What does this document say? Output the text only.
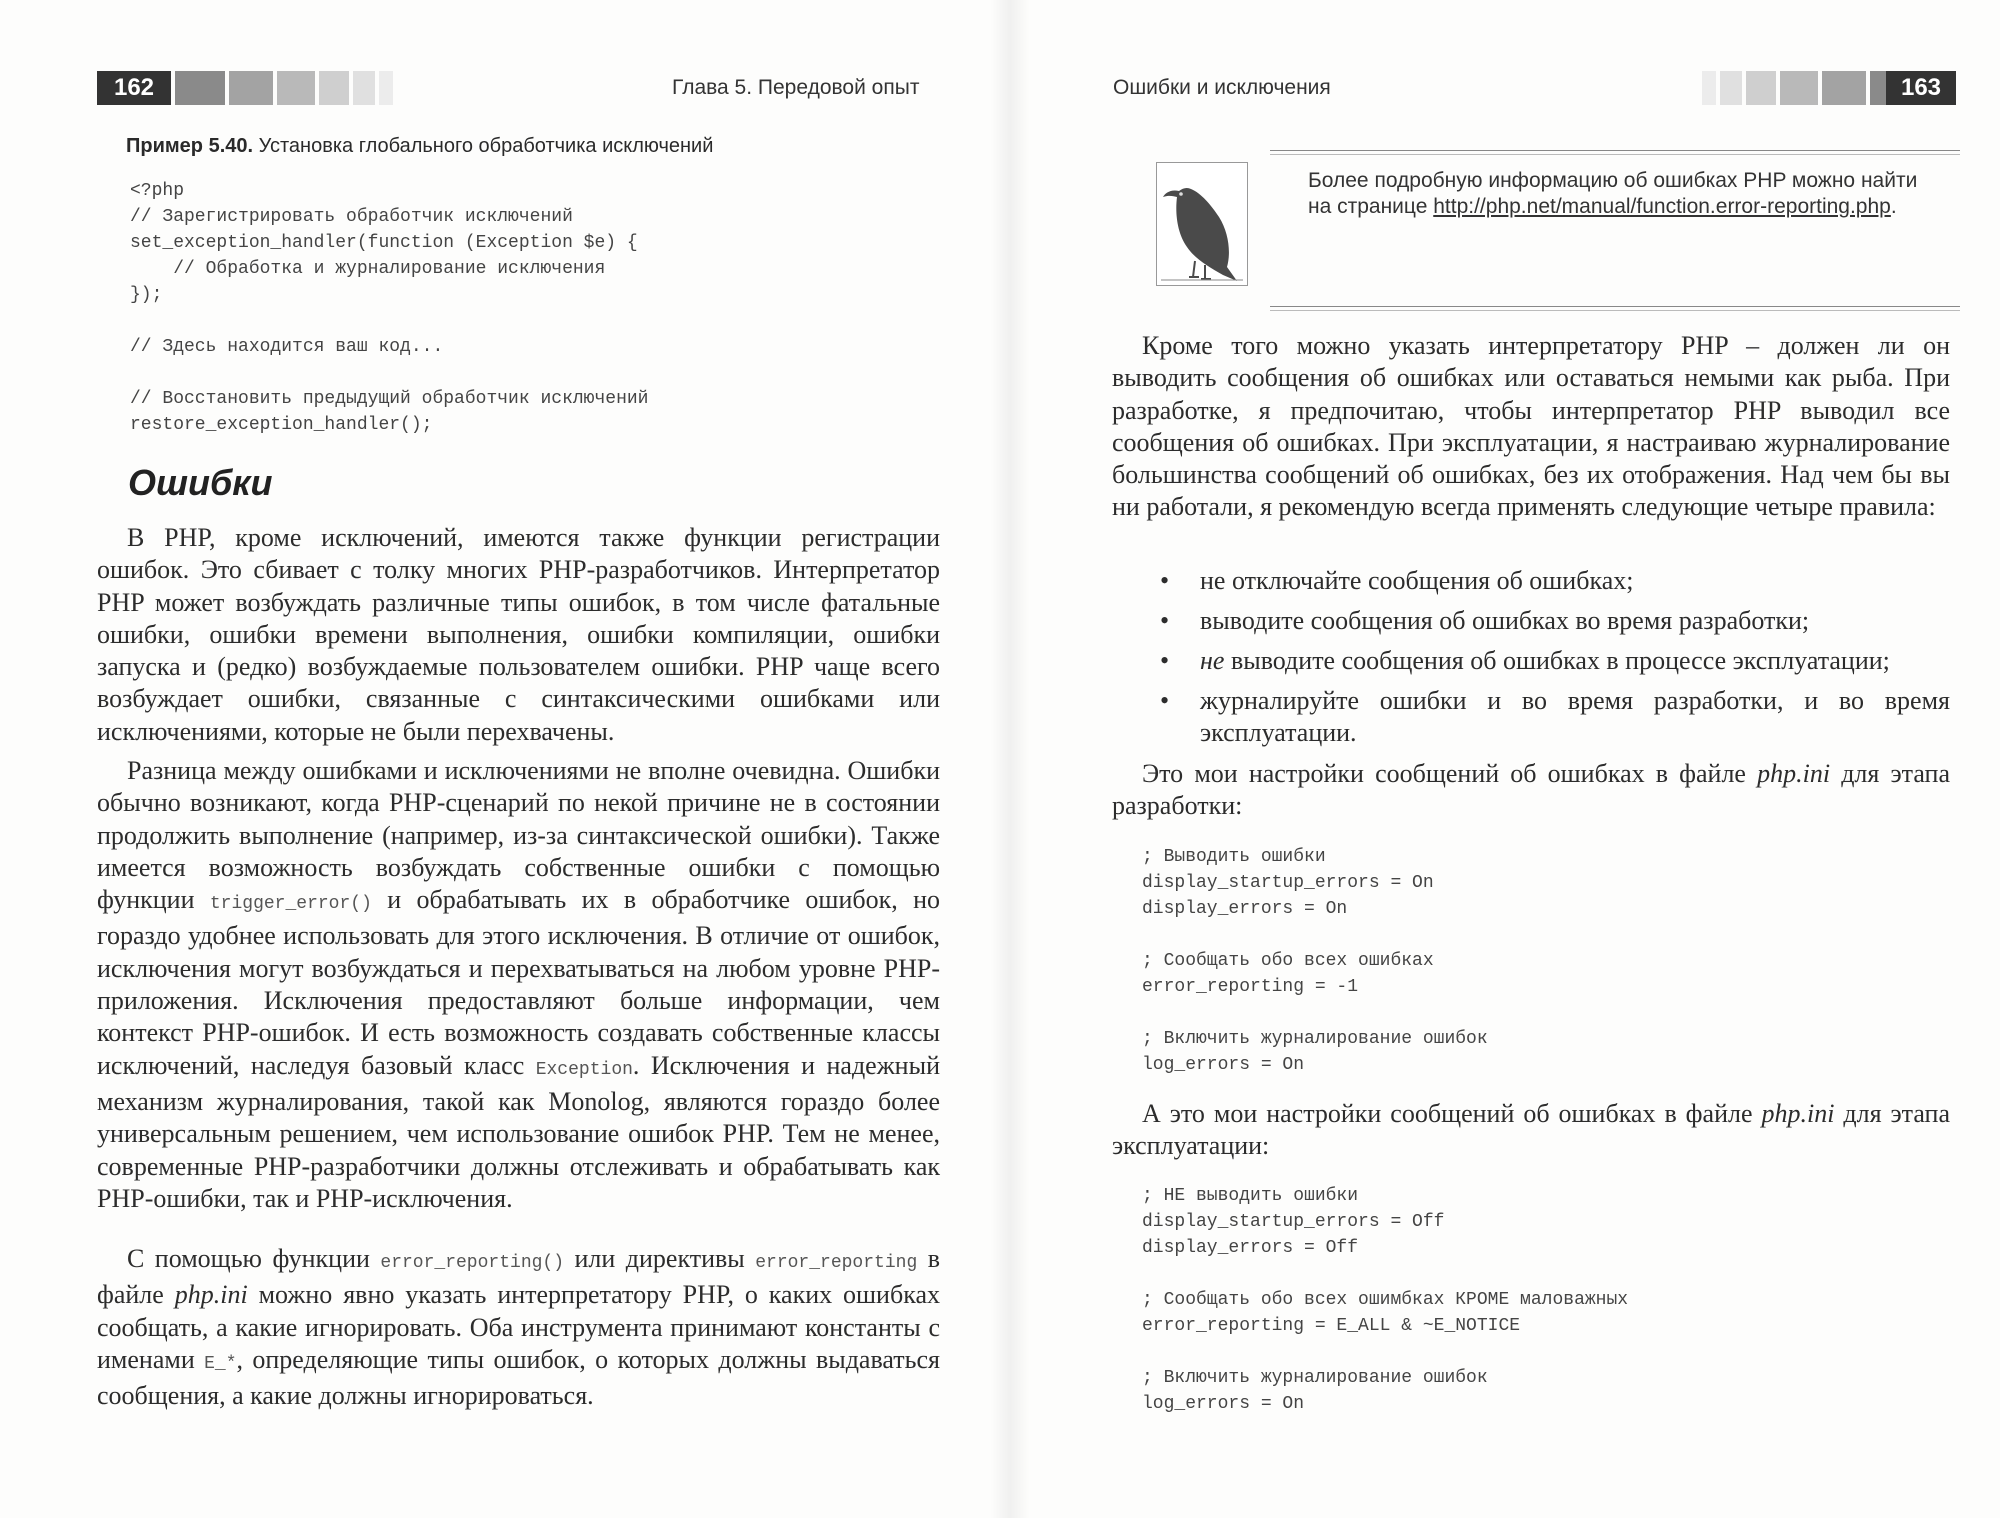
162	Глава 5. Передовой опыт
Пример 5.40. Установка глобального обработчика исключений
<?php
// Зарегистрировать обработчик исключений
set_exception_handler(function (Exception $e) {
// Обработка и журналирование исключения
});
// Здесь находится ваш код...
// Восстановить предыдущий обработчик исключений
restore_exception_handler();
Ошибки

В PHP, кроме исключений, имеются также функции регистрации ошибок. Это сбивает с толку многих PHP-разработчиков. Интерпретатор PHP может возбуждать различные типы ошибок, в том числе фатальные ошибки, ошибки времени выполнения, ошибки компиляции, ошибки запуска и (редко) возбуждаемые пользователем ошибки. PHP чаще всего возбуждает ошибки, связанные с синтаксическими ошибками или исключениями, которые не были перехвачены.

Разница между ошибками и исключениями не вполне очевидна. Ошибки обычно возникают, когда PHP-сценарий по некой причине не в состоянии продолжить выполнение (например, из-за синтаксической ошибки). Также имеется возможность возбуждать собственные ошибки с помощью функции trigger_error() и обрабатывать их в обработчике ошибок, но гораздо удобнее использовать для этого исключения. В отличие от ошибок, исключения могут возбуждаться и перехватываться на любом уровне PHP-приложения. Исключения предоставляют больше информации, чем контекст PHP-ошибок. И есть возможность создавать собственные классы исключений, наследуя базовый класс Exception. Исключения и надежный механизм журналирования, такой как Monolog, являются гораздо более универсальным решением, чем использование ошибок PHP. Тем не менее, современные PHP-разработчики должны отслеживать и обрабатывать как PHP-ошибки, так и PHP-исключения.

С помощью функции error_reporting() или директивы error_reporting в файле php.ini можно явно указать интерпретатору PHP, о каких ошибках сообщать, а какие игнорировать. Оба инструмента принимают константы с именами E_*, определяющие типы ошибок, о которых должны выдаваться сообщения, а какие должны игнорироваться.

Ошибки и исключения	163
Более подробную информацию об ошибках PHP можно найти на странице http://php.net/manual/function.error-reporting.php.

Кроме того можно указать интерпретатору PHP – должен ли он выводить сообщения об ошибках или оставаться немыми как рыба. При разработке, я предпочитаю, чтобы интерпретатор PHP выводил все сообщения об ошибках. При эксплуатации, я настраиваю журналирование большинства сообщений об ошибках, без их отображения. Над чем бы вы ни работали, я рекомендую всегда применять следующие четыре правила:

• не отключайте сообщения об ошибках;
• выводите сообщения об ошибках во время разработки;
• не выводите сообщения об ошибках в процессе эксплуатации;
• журналируйте ошибки и во время разработки, и во время эксплуатации.

Это мои настройки сообщений об ошибках в файле php.ini для этапа разработки:

; Выводить ошибки
display_startup_errors = On
display_errors = On
; Сообщать обо всех ошибках
error_reporting = -1
; Включить журналирование ошибок
log_errors = On

А это мои настройки сообщений об ошибках в файле php.ini для этапа эксплуатации:

; НЕ выводить ошибки
display_startup_errors = Off
display_errors = Off
; Сообщать обо всех ошимбках КРОМЕ маловажных
error_reporting = E_ALL & ~E_NOTICE
; Включить журналирование ошибок
log_errors = On
